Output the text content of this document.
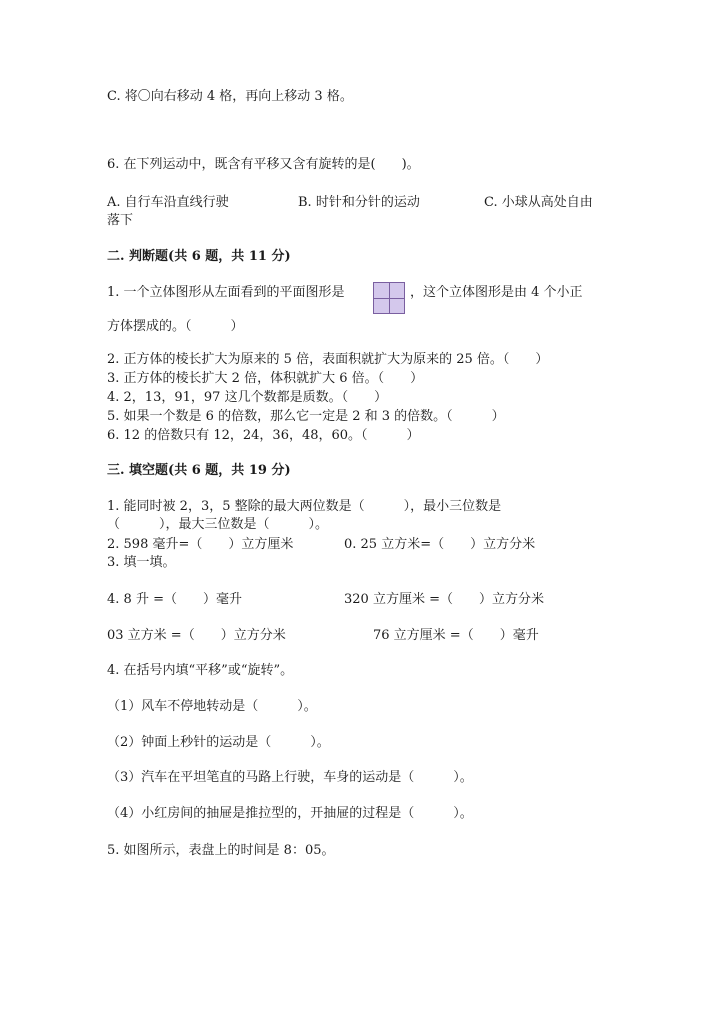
C. 将〇向右移动 4 格，再向上移动 3 格。
6. 在下列运动中，既含有平移又含有旋转的是(　　)。
A. 自行车沿直线行驶	B. 时针和分针的运动	C. 小球从高处自由
落下
二. 判断题(共 6 题，共 11 分)
1. 一个立体图形从左面看到的平面图形是	，这个立体图形是由 4 个小正
方体摆成的。（　　　）
2. 正方体的棱长扩大为原来的 5 倍，表面积就扩大为原来的 25 倍。（　　）
3. 正方体的棱长扩大 2 倍，体积就扩大 6 倍。（　　）
4. 2，13，91，97 这几个数都是质数。（　　）
5. 如果一个数是 6 的倍数，那么它一定是 2 和 3 的倍数。（　　　）
6. 12 的倍数只有 12，24，36，48，60。（　　　）
三. 填空题(共 6 题，共 19 分)
1. 能同时被 2，3，5 整除的最大两位数是（　　　），最小三位数是
（　　　），最大三位数是（　　　）。
2. 598 毫升=（　　）立方厘米	0. 25 立方米=（　　）立方分米
3. 填一填。
4. 8 升 =（　　）毫升	320 立方厘米 =（　　）立方分米
03 立方米 =（　　）立方分米	76 立方厘米 =（　　）毫升
4. 在括号内填“平移”或“旋转”。
（1）风车不停地转动是（　　　）。
（2）钟面上秒针的运动是（　　　）。
（3）汽车在平坦笔直的马路上行驶，车身的运动是（　　　）。
（4）小红房间的抽屉是推拉型的，开抽屉的过程是（　　　）。
5. 如图所示，表盘上的时间是 8：05。
